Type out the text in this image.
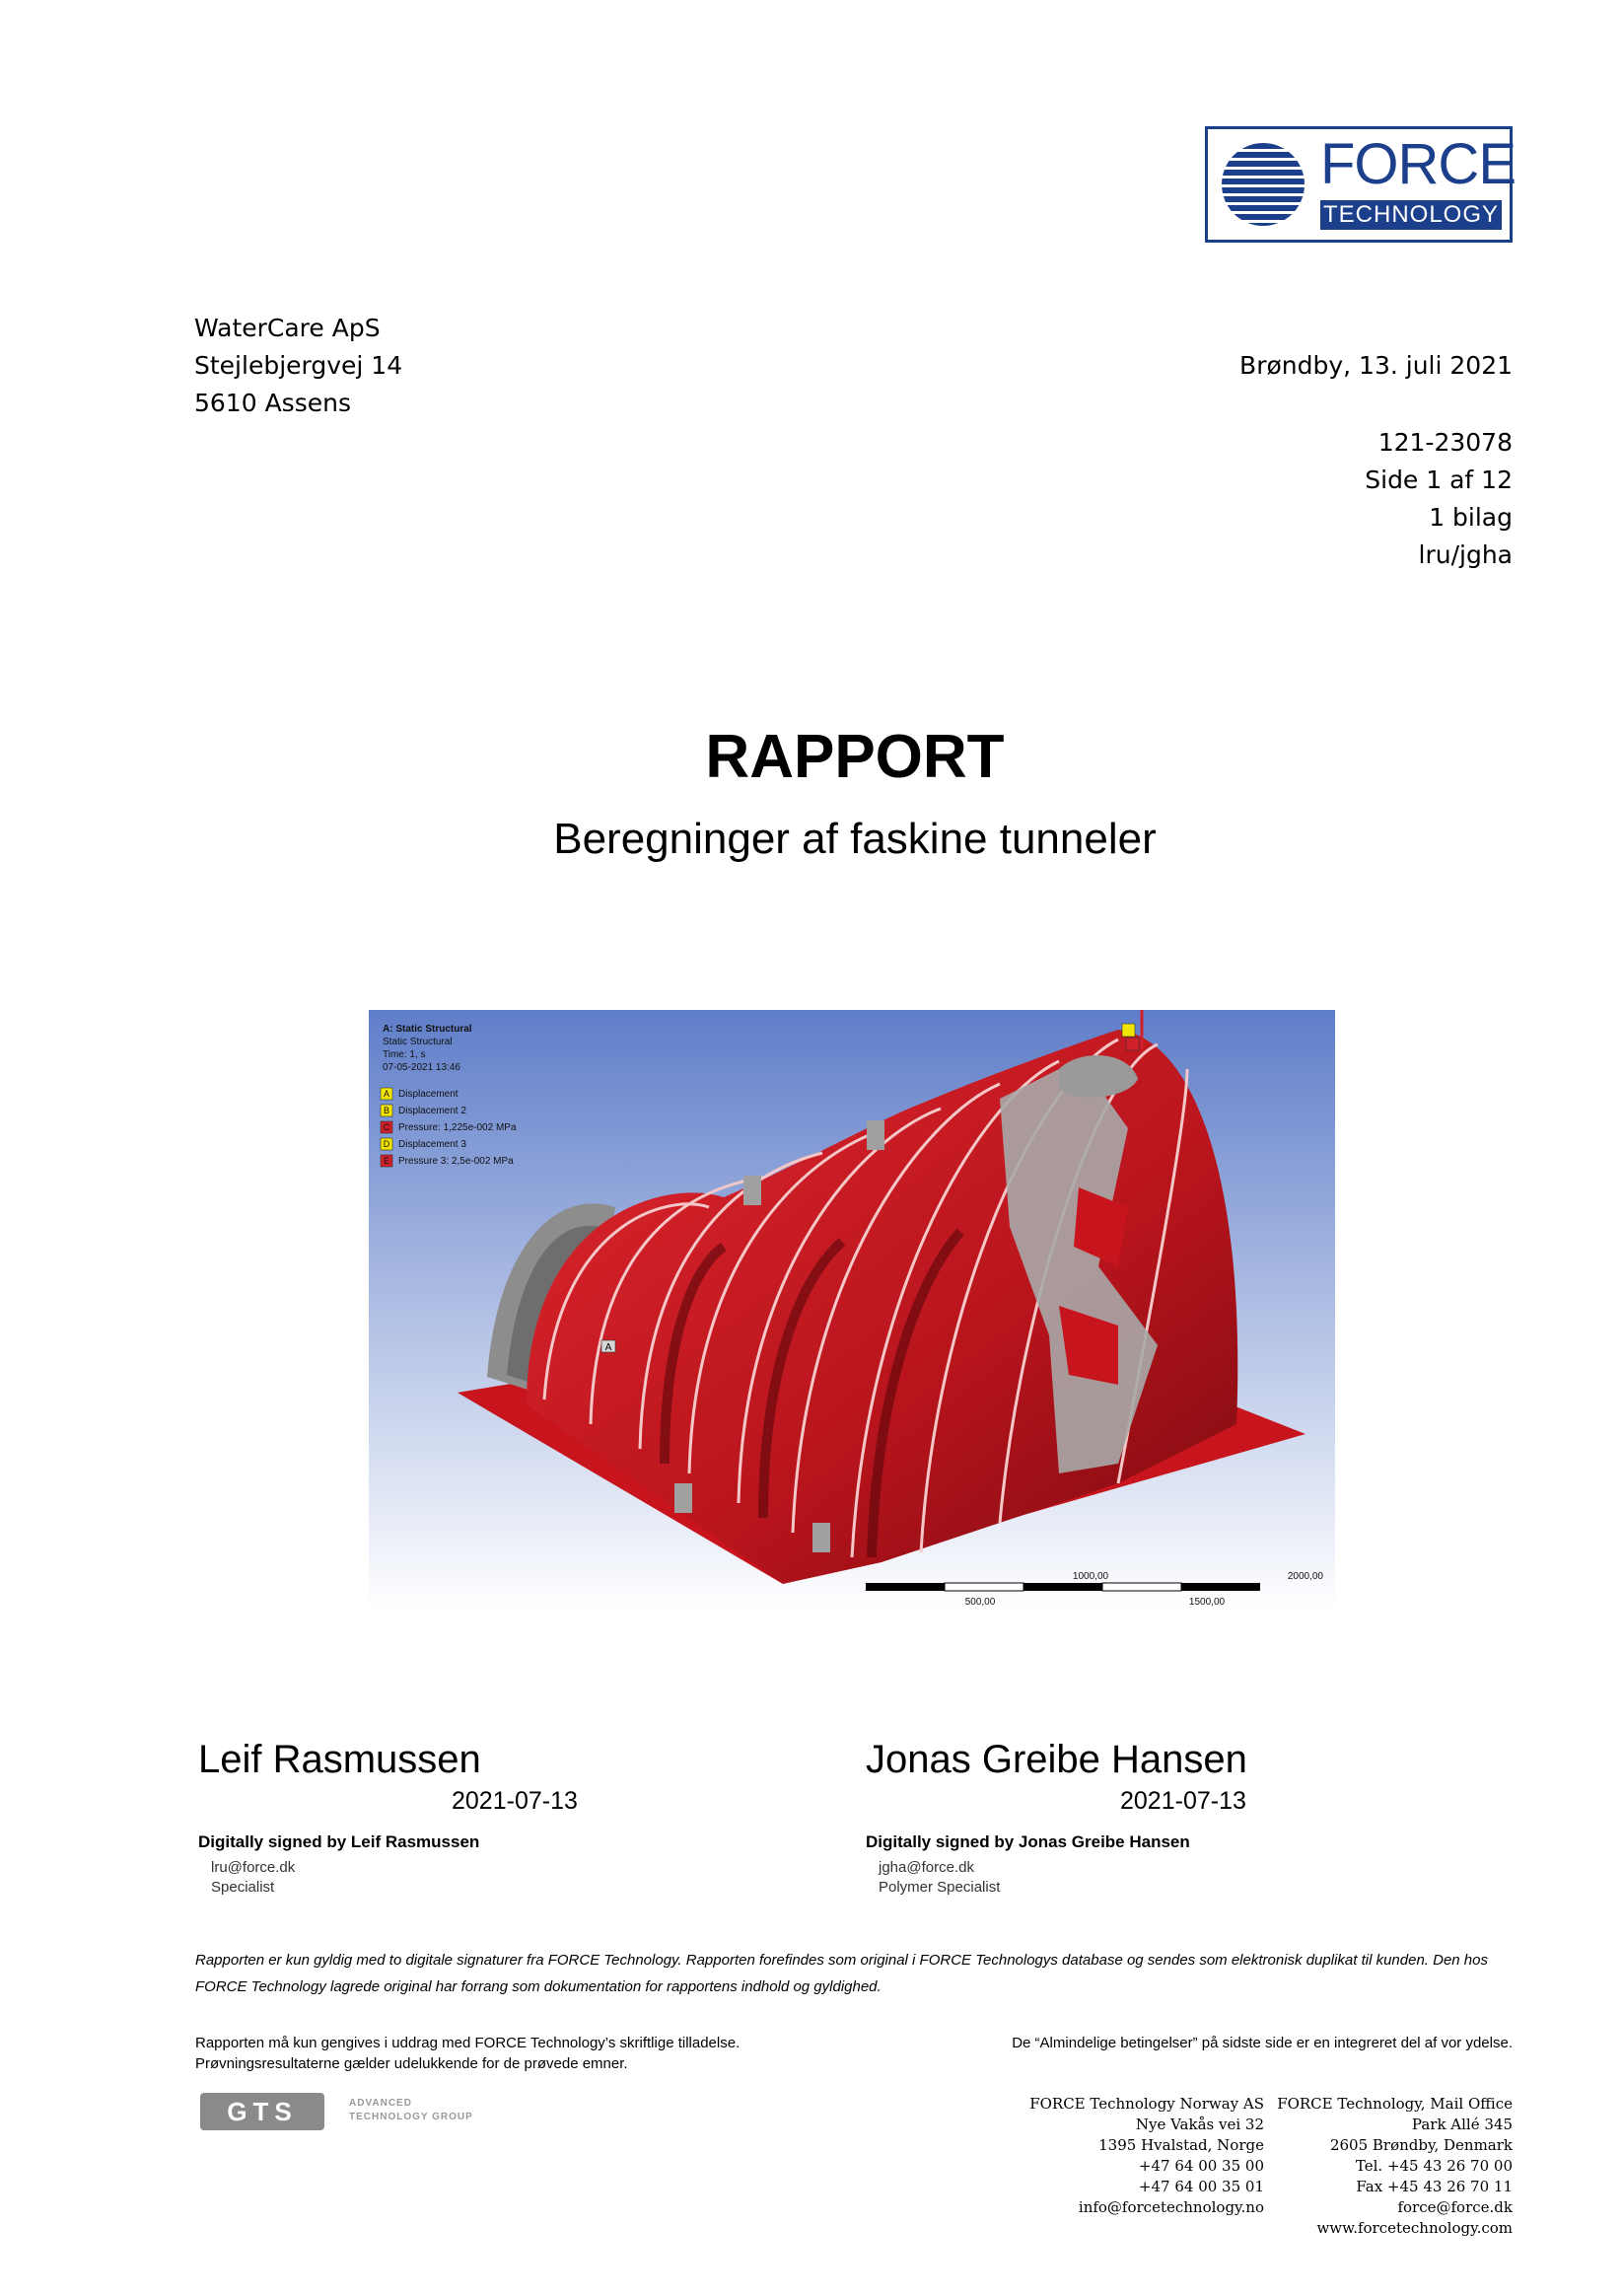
FORCE
TECHNOLOGY
WaterCare ApS
Stejlebjergvej 14
5610 Assens
Brøndby, 13. juli 2021
121-23078
Side 1 af 12
1 bilag
lru/jgha
RAPPORT
Beregninger af faskine tunneler
A
A: Static Structural
Static Structural
Time: 1, s
07-05-2021 13:46
A Displacement
B Displacement 2
C Pressure: 1,225e-002 MPa
D Displacement 3
E Pressure 3: 2,5e-002 MPa
1000,00	2000,00
500,00	1500,00
Leif Rasmussen
2021-07-13
Digitally signed by Leif Rasmussen
lru@force.dk
Specialist
Jonas Greibe Hansen
2021-07-13
Digitally signed by Jonas Greibe Hansen
jgha@force.dk
Polymer Specialist
Rapporten er kun gyldig med to digitale signaturer fra FORCE Technology. Rapporten forefindes som original i FORCE Technologys database og sendes som elektronisk duplikat til kunden. Den hos FORCE Technology lagrede original har forrang som dokumentation for rapportens indhold og gyldighed.
Rapporten må kun gengives i uddrag med FORCE Technology’s skriftlige tilladelse.
Prøvningsresultaterne gælder udelukkende for de prøvede emner.
De “Almindelige betingelser” på sidste side er en integreret del af vor ydelse.
GTS	ADVANCED
TECHNOLOGY GROUP
FORCE Technology Norway AS
Nye Vakås vei 32
1395 Hvalstad, Norge
+47 64 00 35 00
+47 64 00 35 01
info@forcetechnology.no
FORCE Technology, Mail Office
Park Allé 345
2605 Brøndby, Denmark
Tel. +45 43 26 70 00
Fax +45 43 26 70 11
force@force.dk
www.forcetechnology.com
